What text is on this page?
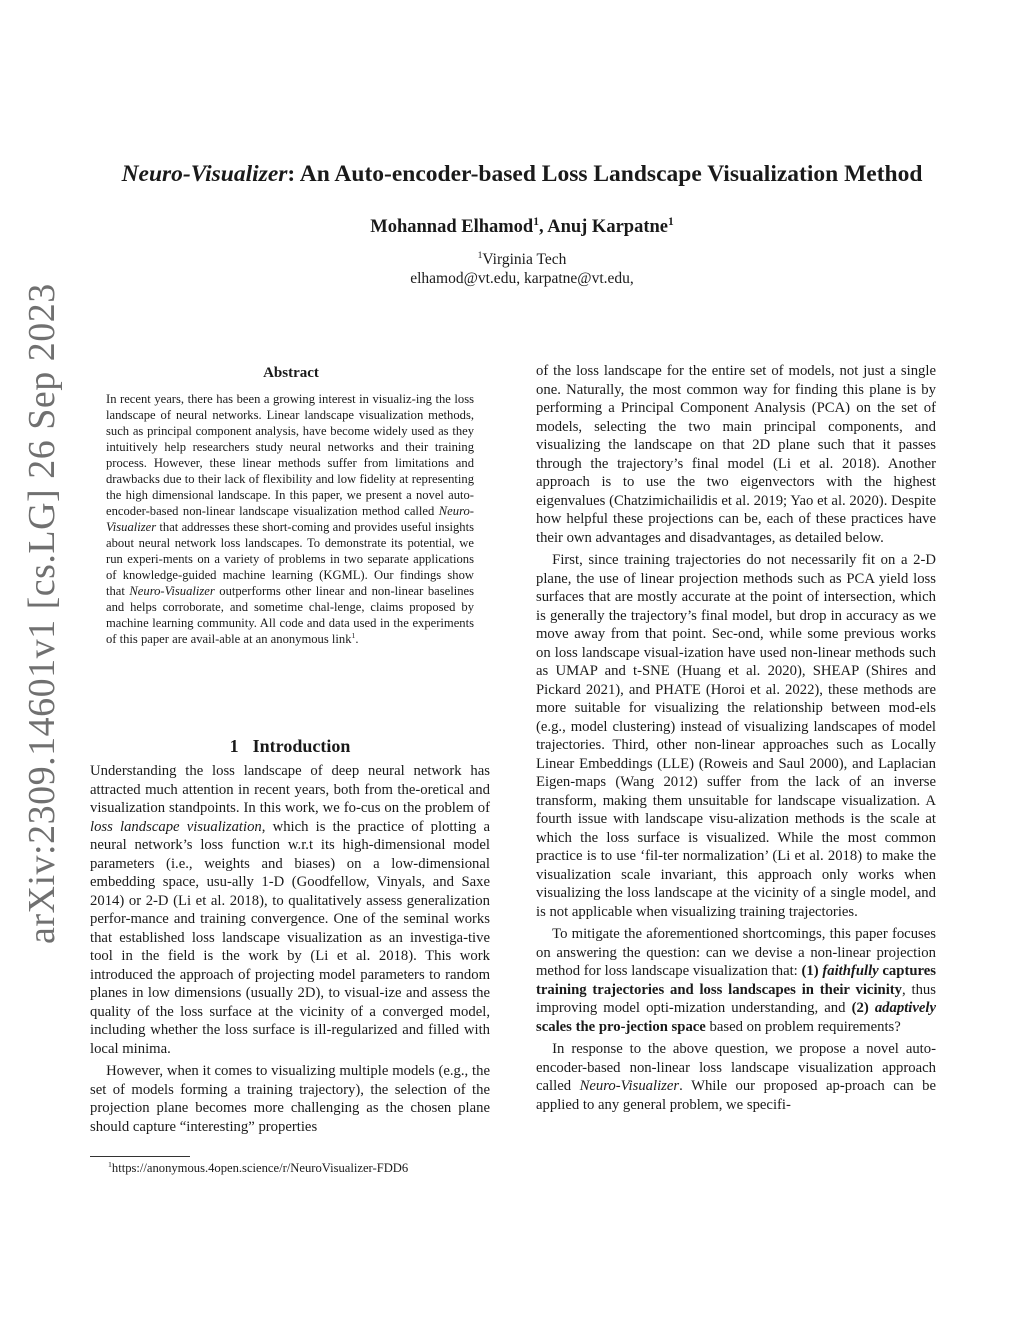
arXiv:2309.14601v1 [cs.LG] 26 Sep 2023
Neuro-Visualizer: An Auto-encoder-based Loss Landscape Visualization Method
Mohannad Elhamod$^1$, Anuj Karpatne$^1$
$^1$Virginia Tech
elhamod@vt.edu, karpatne@vt.edu,
Abstract
In recent years, there has been a growing interest in visualiz-ing the loss landscape of neural networks. Linear landscape visualization methods, such as principal component analysis, have become widely used as they intuitively help researchers study neural networks and their training process. However, these linear methods suffer from limitations and drawbacks due to their lack of flexibility and low fidelity at representing the high dimensional landscape. In this paper, we present a novel auto-encoder-based non-linear landscape visualization method called Neuro-Visualizer that addresses these short-coming and provides useful insights about neural network loss landscapes. To demonstrate its potential, we run experi-ments on a variety of problems in two separate applications of knowledge-guided machine learning (KGML). Our findings show that Neuro-Visualizer outperforms other linear and non-linear baselines and helps corroborate, and sometime chal-lenge, claims proposed by machine learning community. All code and data used in the experiments of this paper are avail-able at an anonymous link$^1$.
1 Introduction

Understanding the loss landscape of deep neural network has attracted much attention in recent years, both from the-oretical and visualization standpoints. In this work, we fo-cus on the problem of loss landscape visualization, which is the practice of plotting a neural network’s loss function w.r.t its high-dimensional model parameters (i.e., weights and biases) on a low-dimensional embedding space, usu-ally 1-D (Goodfellow, Vinyals, and Saxe 2014) or 2-D (Li et al. 2018), to qualitatively assess generalization perfor-mance and training convergence. One of the seminal works that established loss landscape visualization as an investiga-tive tool in the field is the work by (Li et al. 2018). This work introduced the approach of projecting model parameters to random planes in low dimensions (usually 2D), to visual-ize and assess the quality of the loss surface at the vicinity of a converged model, including whether the loss surface is ill-regularized and filled with local minima.

However, when it comes to visualizing multiple models (e.g., the set of models forming a training trajectory), the selection of the projection plane becomes more challenging as the chosen plane should capture “interesting” properties

$^1$https://anonymous.4open.science/r/NeuroVisualizer-FDD6

of the loss landscape for the entire set of models, not just a single one. Naturally, the most common way for finding this plane is by performing a Principal Component Analysis (PCA) on the set of models, selecting the two main principal components, and visualizing the landscape on that 2D plane such that it passes through the trajectory’s final model (Li et al. 2018). Another approach is to use the two eigenvectors with the highest eigenvalues (Chatzimichailidis et al. 2019; Yao et al. 2020). Despite how helpful these projections can be, each of these practices have their own advantages and disadvantages, as detailed below.

First, since training trajectories do not necessarily fit on a 2-D plane, the use of linear projection methods such as PCA yield loss surfaces that are mostly accurate at the point of intersection, which is generally the trajectory’s final model, but drop in accuracy as we move away from that point. Sec-ond, while some previous works on loss landscape visual-ization have used non-linear methods such as UMAP and t-SNE (Huang et al. 2020), SHEAP (Shires and Pickard 2021), and PHATE (Horoi et al. 2022), these methods are more suitable for visualizing the relationship between mod-els (e.g., model clustering) instead of visualizing landscapes of model trajectories. Third, other non-linear approaches such as Locally Linear Embeddings (LLE) (Roweis and Saul 2000), and Laplacian Eigen-maps (Wang 2012) suffer from the lack of an inverse transform, making them unsuitable for landscape visualization. A fourth issue with landscape visu-alization methods is the scale at which the loss surface is visualized. While the most common practice is to use ‘fil-ter normalization’ (Li et al. 2018) to make the visualization scale invariant, this approach only works when visualizing the loss landscape at the vicinity of a single model, and is not applicable when visualizing training trajectories.

To mitigate the aforementioned shortcomings, this paper focuses on answering the question: can we devise a non-linear projection method for loss landscape visualization that: (1) faithfully captures training trajectories and loss landscapes in their vicinity, thus improving model opti-mization understanding, and (2) adaptively scales the pro-jection space based on problem requirements?

In response to the above question, we propose a novel auto-encoder-based non-linear loss landscape visualization approach called Neuro-Visualizer. While our proposed ap-proach can be applied to any general problem, we specifi-
